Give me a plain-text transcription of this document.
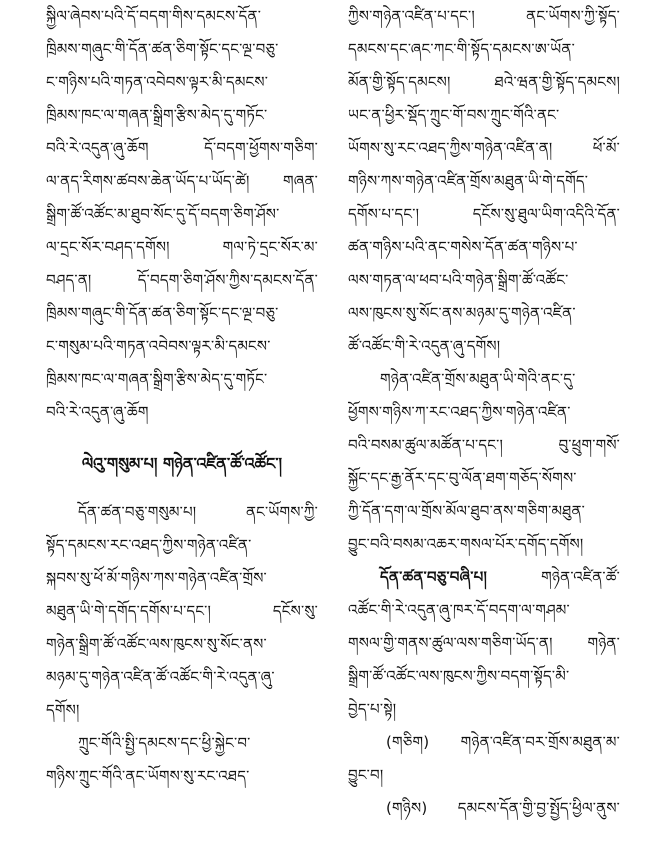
སྐྱིལ་ཞེབས་པའི་དོ་བདག་གིས་དམངས་དོན་
ཁྲིམས་གཞུང་གི་དོན་ཚན་ཅིག་སྟོང་དང་ལྔ་བཅུ་
ང་གཉིས་པའི་གཏན་འབེབས་ལྟར་མི་དམངས་
ཁྲིམས་ཁང་ལ་གཞན་སྒྲིག་རྩིས་མེད་དུ་གཏོང་
བའི་རེ་འདུན་ཞུ་ཆོག དོ་བདག་ཕྱོགས་གཅིག་
ལ་ནད་རིགས་ཚབས་ཆེན་ཡོད་པ་ཡོད་ཚེ། གཞན་
སྒྲིག་ཚོ་འཚོང་མ་ཐུབ་སོང་དུ་དོ་བདག་ཅིག་ཤོས་
ལ་དྲང་སོར་བཤད་དགོས། གལ་ཏེ་དྲང་སོར་མ་
བཤད་ན། དོ་བདག་ཅིག་ཤོས་ཀྱིས་དམངས་དོན་
ཁྲིམས་གཞུང་གི་དོན་ཚན་ཅིག་སྟོང་དང་ལྔ་བཅུ་
ང་གསུམ་པའི་གཏན་འབེབས་ལྟར་མི་དམངས་
ཁྲིམས་ཁང་ལ་གཞན་སྒྲིག་རྩིས་མེད་དུ་གཏོང་
བའི་རེ་འདུན་ཞུ་ཆོག
ལེའུ་གསུམ་པ། གཉེན་འཛིན་ཚོ་འཚོང་།
དོན་ཚན་བཅུ་གསུམ་པ། ནང་ཡོགས་ཀྱི་
སྟོད་དམངས་རང་འཐད་ཀྱིས་གཉེན་འཛིན་
སྐབས་སུ་ཕོ་མོ་གཉིས་ཀས་གཉེན་འཛིན་གྲོས་
མཐུན་ཡི་གེ་དགོད་དགོས་པ་དང་། དངོས་སུ་
གཉེན་སྒྲིག་ཚོ་འཚོང་ལས་ཁུངས་སུ་སོང་ནས་
མཉམ་དུ་གཉེན་འཛིན་ཚོ་འཚོང་གི་རེ་འདུན་ཞུ་
དགོས།
ཀྲུང་གོའི་སྤྱི་དམངས་དང་ཕྱི་སྐྱེང་བ་
གཉིས་ཀྲུང་གོའི་ནང་ཡོགས་སུ་རང་འཐད་
ཀྱིས་གཉེན་འཛིན་པ་དང་། ནང་ཡོགས་ཀྱི་སྟོད་
དམངས་དང་ཞང་ཀང་གི་སྟོད་དམངས་ཨ་ཡོན་
མོན་གྱི་སྟོད་དམངས། ཐའེ་ཝན་གྱི་སྟོད་དམངས།
ཡང་ན་ཕྱིར་སྡོད་ཀྲུང་གོ་བས་ཀྲུང་གོའི་ནང་
ཡོགས་སུ་རང་འཐད་ཀྱིས་གཉེན་འཛིན་ན། ཕོ་མོ་
གཉིས་ཀས་གཉེན་འཛིན་གྲོས་མཐུན་ཡི་གེ་དགོད་
དགོས་པ་དང་། དངོས་སུ་ཐུལ་ཡིག་འདིའི་དོན་
ཚན་གཉིས་པའི་ནང་གསེས་དོན་ཚན་གཉིས་པ་
ལས་གཏན་ལ་ཕབ་པའི་གཉེན་སྒྲིག་ཚོ་འཚོང་
ལས་ཁུངས་སུ་སོང་ནས་མཉམ་དུ་གཉེན་འཛིན་
ཚོ་འཚོང་གི་རེ་འདུན་ཞུ་དགོས།
གཉེན་འཛིན་གྲོས་མཐུན་ཡི་གེའི་ནང་དུ་
ཕྱོགས་གཉིས་ཀ་རང་འཐད་ཀྱིས་གཉེན་འཛིན་
བའི་བསམ་ཚུལ་མཚོན་པ་དང་། བུ་ཕྲུག་གསོ་
སྐྱོང་དང་རྒྱ་ནོར་དང་བུ་ལོན་ཐག་གཅོད་སོགས་
ཀྱི་དོན་དག་ལ་གྲོས་མོལ་ཐུབ་ནས་གཅིག་མཐུན་
བྱུང་བའི་བསམ་འཆར་གསལ་པོར་དགོད་དགོས།
དོན་ཚན་བཅུ་བཞི་པ། གཉེན་འཛིན་ཚོ་
འཚོང་གི་རེ་འདུན་ཞུ་ཁར་དོ་བདག་ལ་གཤམ་
གསལ་གྱི་གནས་ཚུལ་ལས་གཅིག་ཡོད་ན། གཉེན་
སྒྲིག་ཚོ་འཚོང་ལས་ཁུངས་ཀྱིས་བདག་སྟོད་མི་
བྱེད་པ་སྟེ།
(གཅིག) གཉེན་འཛིན་བར་གྲོས་མཐུན་མ་
བྱུང་བ།
(གཉིས) དམངས་དོན་གྱི་བྱ་སྤྱོད་ཕྱིལ་ནུས་
